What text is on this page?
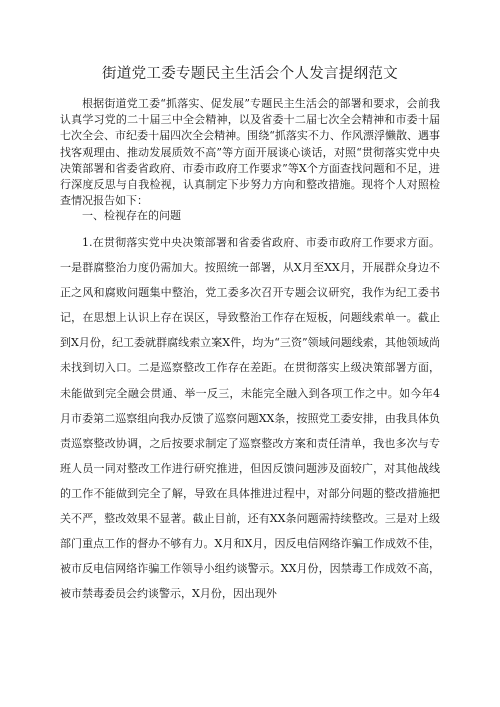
街道党工委专题民主生活会个人发言提纲范文

根据街道党工委“抓落实、促发展”专题民主生活会的部署和要求，会前我认真学习党的二十届三中全会精神，以及省委十二届七次全会精神和市委十届七次全会、市纪委十届四次全会精神。围绕“抓落实不力、作风漂浮懒散、遇事找客观理由、推动发展质效不高”等方面开展谈心谈话，对照“贯彻落实党中央决策部署和省委省政府、市委市政府工作要求”等X个方面查找问题和不足，进行深度反思与自我检视，认真制定下步努力方向和整改措施。现将个人对照检查情况报告如下：

一、检视存在的问题

1.在贯彻落实党中央决策部署和省委省政府、市委市政府工作要求方面。一是群腐整治力度仍需加大。按照统一部署，从X月至XX月，开展群众身边不正之风和腐败问题集中整治，党工委多次召开专题会议研究，我作为纪工委书记，在思想上认识上存在误区，导致整治工作存在短板，问题线索单一。截止到X月份，纪工委就群腐线索立案X件，均为“三资”领域问题线索，其他领域尚未找到切入口。二是巡察整改工作存在差距。在贯彻落实上级决策部署方面，未能做到完全融会贯通、举一反三，未能完全融入到各项工作之中。如今年4月市委第二巡察组向我办反馈了巡察问题XX条，按照党工委安排，由我具体负责巡察整改协调，之后按要求制定了巡察整改方案和责任清单，我也多次与专班人员一同对整改工作进行研究推进，但因反馈问题涉及面较广，对其他战线的工作不能做到完全了解，导致在具体推进过程中，对部分问题的整改措施把关不严，整改效果不显著。截止目前，还有XX条问题需持续整改。三是对上级部门重点工作的督办不够有力。X月和X月，因反电信网络诈骗工作成效不佳，被市反电信网络诈骗工作领导小组约谈警示。XX月份，因禁毒工作成效不高，被市禁毒委员会约谈警示，X月份，因出现外
